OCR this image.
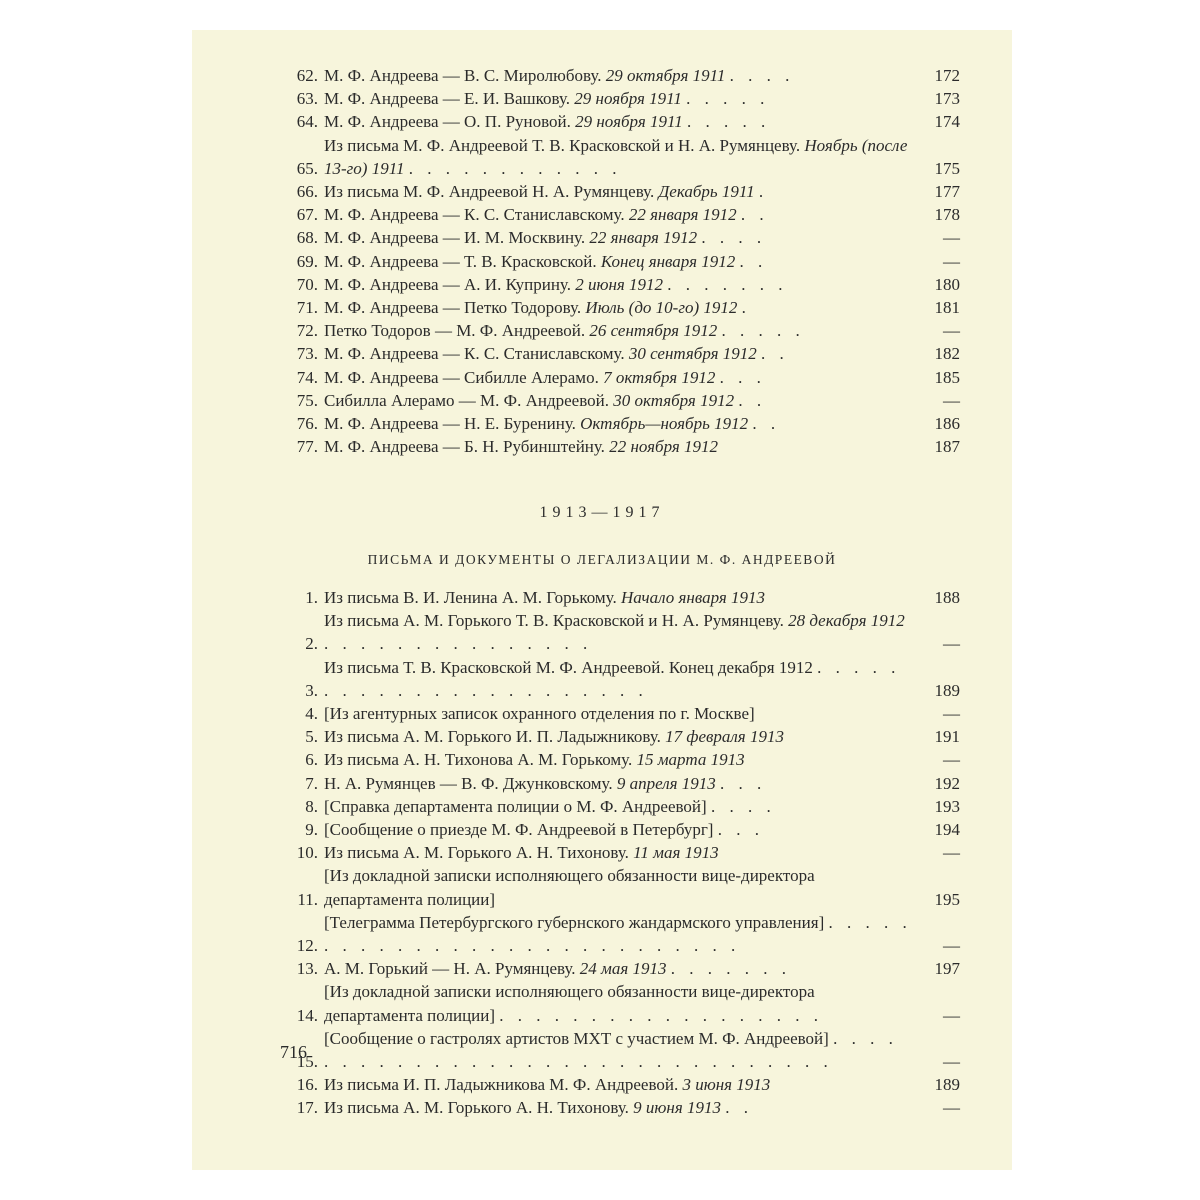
62. М. Ф. Андреева — В. С. Миролюбову. 29 октября 1911 . . . .	172
63. М. Ф. Андреева — Е. И. Вашкову. 29 ноября 1911 . . . . .	173
64. М. Ф. Андреева — О. П. Руновой. 29 ноября 1911 . . . . .	174
65.
Из письма М. Ф. Андреевой Т. В. Красковской и Н. А. Румянцеву. Ноябрь (после 13-го) 1911 . . . . . . . . . . . .	175
66. Из письма М. Ф. Андреевой Н. А. Румянцеву. Декабрь 1911 .	177
67. М. Ф. Андреева — К. С. Станиславскому. 22 января 1912 . .	178
68. М. Ф. Андреева — И. М. Москвину. 22 января 1912 . . . .	—
69. М. Ф. Андреева — Т. В. Красковской. Конец января 1912 . .	—
70. М. Ф. Андреева — А. И. Куприну. 2 июня 1912 . . . . . . .	180
71. М. Ф. Андреева — Петко Тодорову. Июль (до 10-го) 1912 .	181
72. Петко Тодоров — М. Ф. Андреевой. 26 сентября 1912 . . . . .	—
73. М. Ф. Андреева — К. С. Станиславскому. 30 сентября 1912 . .	182
74. М. Ф. Андреева — Сибилле Алерамо. 7 октября 1912 . . .	185
75. Сибилла Алерамо — М. Ф. Андреевой. 30 октября 1912 . .	—
76. М. Ф. Андреева — Н. Е. Буренину. Октябрь—ноябрь 1912 . .	186
77. М. Ф. Андреева — Б. Н. Рубинштейну. 22 ноября 1912	187
1913—1917
ПИСЬМА И ДОКУМЕНТЫ О ЛЕГАЛИЗАЦИИ М. Ф. АНДРЕЕВОЙ
1. Из письма В. И. Ленина А. М. Горькому. Начало января 1913	188
2.
Из письма А. М. Горького Т. В. Красковской и Н. А. Румянцеву. 28 декабря 1912 . . . . . . . . . . . . . . .	—
3.
Из письма Т. В. Красковской М. Ф. Андреевой. Конец декабря 1912 . . . . . . . . . . . . . . . . . . . . . . .	189
4. [Из агентурных записок охранного отделения по г. Москве]	—
5. Из письма А. М. Горького И. П. Ладыжникову. 17 февраля 1913	191
6. Из письма А. Н. Тихонова А. М. Горькому. 15 марта 1913	—
7. Н. А. Румянцев — В. Ф. Джунковскому. 9 апреля 1913 . . .	192
8. [Справка департамента полиции о М. Ф. Андреевой] . . . .	193
9. [Сообщение о приезде М. Ф. Андреевой в Петербург] . . .	194
10. Из письма А. М. Горького А. Н. Тихонову. 11 мая 1913	—
11.
[Из докладной записки исполняющего обязанности вице-директора департамента полиции]	195
12.
[Телеграмма Петербургского губернского жандармского управления] . . . . . . . . . . . . . . . . . . . . . . . . . . . .	—
13. А. М. Горький — Н. А. Румянцеву. 24 мая 1913 . . . . . . .	197
14.
[Из докладной записки исполняющего обязанности вице-директора департамента полиции] . . . . . . . . . . . . . . . . . .	—
15.
[Сообщение о гастролях артистов МХТ с участием М. Ф. Андреевой] . . . . . . . . . . . . . . . . . . . . . . . . . . . . . . . .	—
16. Из письма И. П. Ладыжникова М. Ф. Андреевой. 3 июня 1913	189
17. Из письма А. М. Горького А. Н. Тихонову. 9 июня 1913 . .	—
716
